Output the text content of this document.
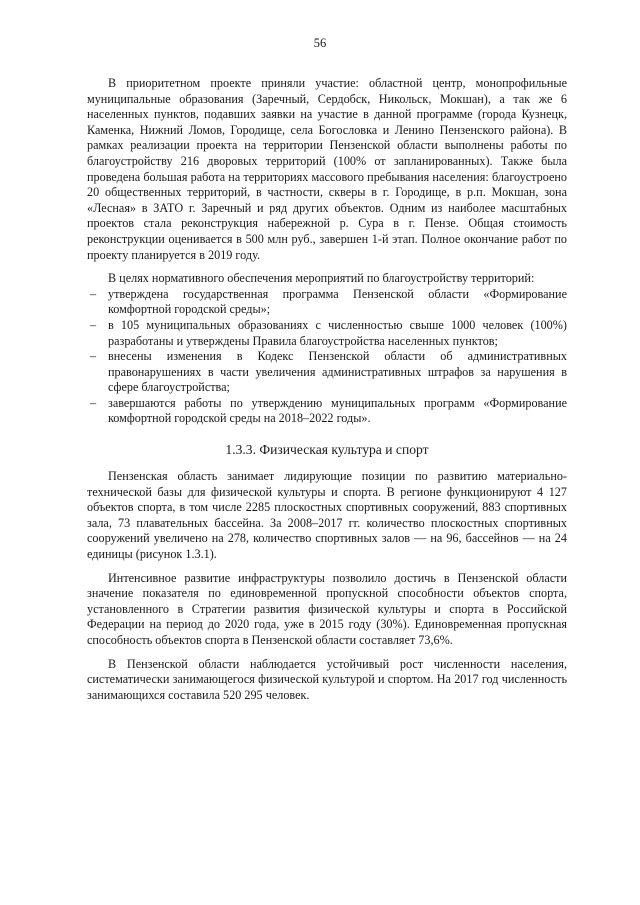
56

В приоритетном проекте приняли участие: областной центр, монопрофильные муниципальные образования (Заречный, Сердобск, Никольск, Мокшан), а так же 6 населенных пунктов, подавших заявки на участие в данной программе (города Кузнецк, Каменка, Нижний Ломов, Городище, села Богословка и Ленино Пензенского района). В рамках реализации проекта на территории Пензенской области выполнены работы по благоустройству 216 дворовых территорий (100% от запланированных). Также была проведена большая работа на территориях массового пребывания населения: благоустроено 20 общественных территорий, в частности, скверы в г. Городище, в р.п. Мокшан, зона «Лесная» в ЗАТО г. Заречный и ряд других объектов. Одним из наиболее масштабных проектов стала реконструкция набережной р. Сура в г. Пензе. Общая стоимость реконструкции оценивается в 500 млн руб., завершен 1-й этап. Полное окончание работ по проекту планируется в 2019 году.

В целях нормативного обеспечения мероприятий по благоустройству территорий:

– утверждена государственная программа Пензенской области «Формирование комфортной городской среды»;
– в 105 муниципальных образованиях с численностью свыше 1000 человек (100%) разработаны и утверждены Правила благоустройства населенных пунктов;
– внесены изменения в Кодекс Пензенской области об административных правонарушениях в части увеличения административных штрафов за нарушения в сфере благоустройства;
– завершаются работы по утверждению муниципальных программ «Формирование комфортной городской среды на 2018–2022 годы».
1.3.3. Физическая культура и спорт

Пензенская область занимает лидирующие позиции по развитию материально-технической базы для физической культуры и спорта. В регионе функционируют 4 127 объектов спорта, в том числе 2285 плоскостных спортивных сооружений, 883 спортивных зала, 73 плавательных бассейна. За 2008–2017 гг. количество плоскостных спортивных сооружений увеличено на 278, количество спортивных залов — на 96, бассейнов — на 24 единицы (рисунок 1.3.1).

Интенсивное развитие инфраструктуры позволило достичь в Пензенской области значение показателя по единовременной пропускной способности объектов спорта, установленного в Стратегии развития физической культуры и спорта в Российской Федерации на период до 2020 года, уже в 2015 году (30%). Единовременная пропускная способность объектов спорта в Пензенской области составляет 73,6%.

В Пензенской области наблюдается устойчивый рост численности населения, систематически занимающегося физической культурой и спортом. На 2017 год численность занимающихся составила 520 295 человек.
